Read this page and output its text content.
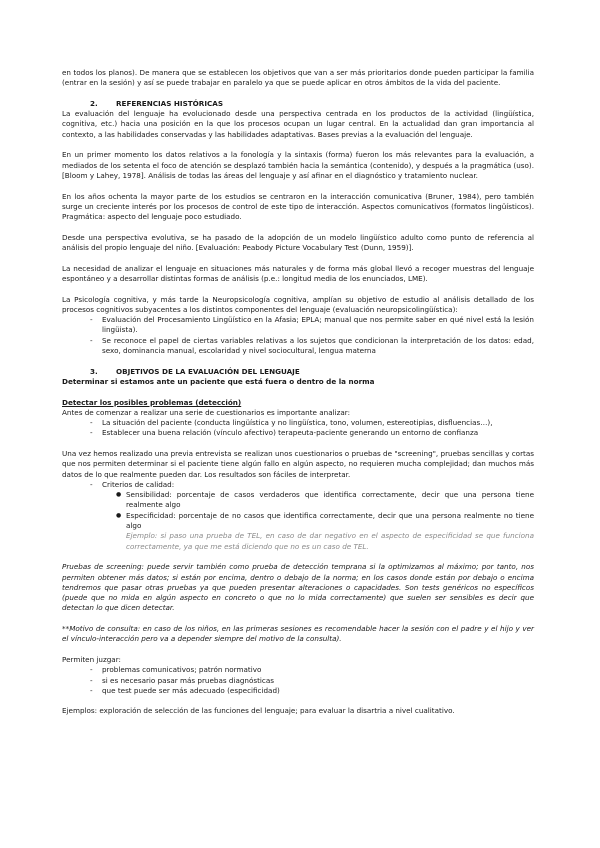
en todos los planos). De manera que se establecen los objetivos que van a ser más prioritarios donde pueden participar la familia (entrar en la sesión) y así se puede trabajar en paralelo ya que se puede aplicar en otros ámbitos de la vida del paciente.

2.	REFERENCIAS HISTÓRICAS

La evaluación del lenguaje ha evolucionado desde una perspectiva centrada en los productos de la actividad (lingüística, cognitiva, etc.) hacia una posición en la que los procesos ocupan un lugar central. En la actualidad dan gran importancia al contexto, a las habilidades conservadas y las habilidades adaptativas. Bases previas a la evaluación del lenguaje.

En un primer momento los datos relativos a la fonología y la sintaxis (forma) fueron los más relevantes para la evaluación, a mediados de los setenta el foco de atención se desplazó también hacia la semántica (contenido), y después a la pragmática (uso). [Bloom y Lahey, 1978]. Análisis de todas las áreas del lenguaje y así afinar en el diagnóstico y tratamiento nuclear.

En los años ochenta la mayor parte de los estudios se centraron en la interacción comunicativa (Bruner, 1984), pero también surge un creciente interés por los procesos de control de este tipo de interacción. Aspectos comunicativos (formatos lingüísticos). Pragmática: aspecto del lenguaje poco estudiado.

Desde una perspectiva evolutiva, se ha pasado de la adopción de un modelo lingüístico adulto como punto de referencia al análisis del propio lenguaje del niño. [Evaluación: Peabody Picture Vocabulary Test (Dunn, 1959)].

La necesidad de analizar el lenguaje en situaciones más naturales y de forma más global llevó a recoger muestras del lenguaje espontáneo y a desarrollar distintas formas de análisis (p.e.: longitud media de los enunciados, LME).

La Psicología cognitiva, y más tarde la Neuropsicología cognitiva, amplían su objetivo de estudio al análisis detallado de los procesos cognitivos subyacentes a los distintos componentes del lenguaje (evaluación neuropsicolingüística):

- Evaluación del Procesamiento Lingüístico en la Afasia; EPLA; manual que nos permite saber en qué nivel está la lesión lingüista).
- Se reconoce el papel de ciertas variables relativas a los sujetos que condicionan la interpretación de los datos: edad, sexo, dominancia manual, escolaridad y nivel sociocultural, lengua materna

3.	OBJETIVOS DE LA EVALUACIÓN DEL LENGUAJE

Determinar si estamos ante un paciente que está fuera o dentro de la norma

Detectar los posibles problemas (detección)

Antes de comenzar a realizar una serie de cuestionarios es importante analizar:

- La situación del paciente (conducta lingüística y no lingüística, tono, volumen, estereotipias, disfluencias…),
- Establecer una buena relación (vínculo afectivo) terapeuta-paciente generando un entorno de confianza

Una vez hemos realizado una previa entrevista se realizan unos cuestionarios o pruebas de "screening", pruebas sencillas y cortas que nos permiten determinar si el paciente tiene algún fallo en algún aspecto, no requieren mucha complejidad; dan muchos más datos de lo que realmente pueden dar. Los resultados son fáciles de interpretar.

- Criterios de calidad:
● Sensibilidad: porcentaje de casos verdaderos que identifica correctamente, decir que una persona tiene realmente algo
● Especificidad: porcentaje de no casos que identifica correctamente, decir que una persona realmente no tiene algo

Ejemplo: si paso una prueba de TEL, en caso de dar negativo en el aspecto de especificidad se que funciona correctamente, ya que me está diciendo que no es un caso de TEL.

Pruebas de screening: puede servir también como prueba de detección temprana si la optimizamos al máximo; por tanto, nos permiten obtener más datos; si están por encima, dentro o debajo de la norma; en los casos donde están por debajo o encima tendremos que pasar otras pruebas ya que pueden presentar alteraciones o capacidades. Son tests genéricos no específicos (puede que no mida en algún aspecto en concreto o que no lo mida correctamente) que suelen ser sensibles es decir que detectan lo que dicen detectar.

**Motivo de consulta: en caso de los niños, en las primeras sesiones es recomendable hacer la sesión con el padre y el hijo y ver el vínculo-interacción pero va a depender siempre del motivo de la consulta).

Permiten juzgar:

- problemas comunicativos; patrón normativo
- si es necesario pasar más pruebas diagnósticas
- que test puede ser más adecuado (especificidad)

Ejemplos: exploración de selección de las funciones del lenguaje; para evaluar la disartria a nivel cualitativo.
